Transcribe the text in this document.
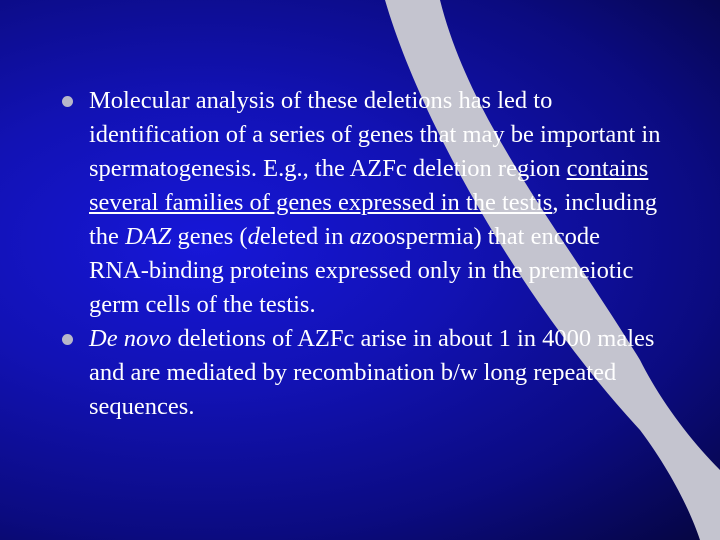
Molecular analysis of these deletions has led to identification of a series of genes that may be important in spermatogenesis. E.g., the AZFc deletion region contains several families of genes expressed in the testis, including the DAZ genes (deleted in azoospermia) that encode RNA-binding proteins expressed only in the premeiotic germ cells of the testis.
De novo deletions of AZFc arise in about 1 in 4000 males and are mediated by recombination b/w long repeated sequences.
